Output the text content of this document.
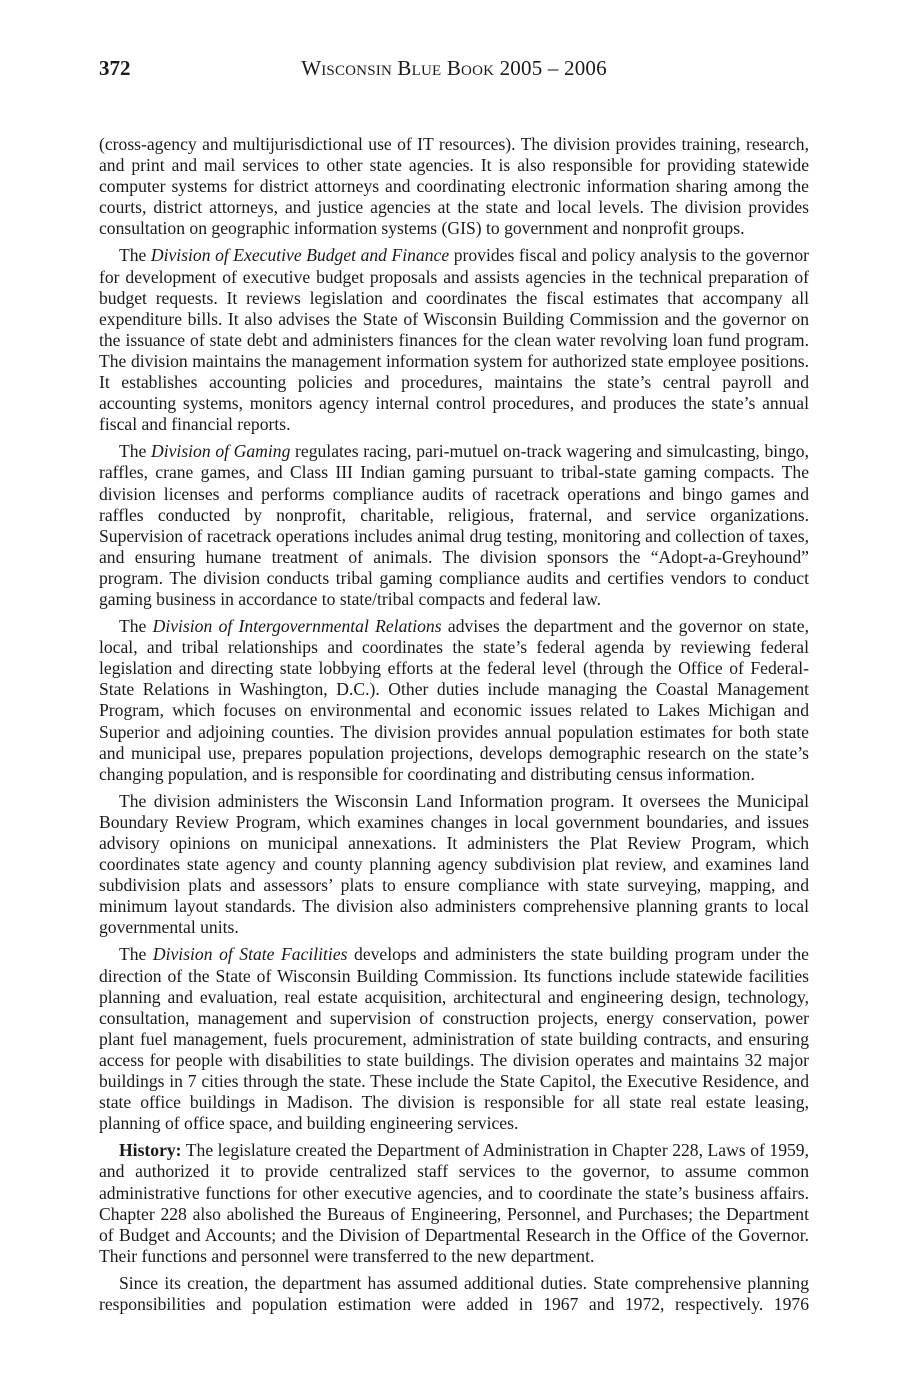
372	Wisconsin Blue Book 2005 – 2006

(cross-agency and multijurisdictional use of IT resources). The division provides training, research, and print and mail services to other state agencies. It is also responsible for providing statewide computer systems for district attorneys and coordinating electronic information sharing among the courts, district attorneys, and justice agencies at the state and local levels. The division provides consultation on geographic information systems (GIS) to government and nonprofit groups.

The Division of Executive Budget and Finance provides fiscal and policy analysis to the governor for development of executive budget proposals and assists agencies in the technical preparation of budget requests. It reviews legislation and coordinates the fiscal estimates that accompany all expenditure bills. It also advises the State of Wisconsin Building Commission and the governor on the issuance of state debt and administers finances for the clean water revolving loan fund program. The division maintains the management information system for authorized state employee positions. It establishes accounting policies and procedures, maintains the state’s central payroll and accounting systems, monitors agency internal control procedures, and produces the state’s annual fiscal and financial reports.

The Division of Gaming regulates racing, pari-mutuel on-track wagering and simulcasting, bingo, raffles, crane games, and Class III Indian gaming pursuant to tribal-state gaming compacts. The division licenses and performs compliance audits of racetrack operations and bingo games and raffles conducted by nonprofit, charitable, religious, fraternal, and service organizations. Supervision of racetrack operations includes animal drug testing, monitoring and collection of taxes, and ensuring humane treatment of animals. The division sponsors the “Adopt-a-Greyhound” program. The division conducts tribal gaming compliance audits and certifies vendors to conduct gaming business in accordance to state/tribal compacts and federal law.

The Division of Intergovernmental Relations advises the department and the governor on state, local, and tribal relationships and coordinates the state’s federal agenda by reviewing federal legislation and directing state lobbying efforts at the federal level (through the Office of Federal-State Relations in Washington, D.C.). Other duties include managing the Coastal Management Program, which focuses on environmental and economic issues related to Lakes Michigan and Superior and adjoining counties. The division provides annual population estimates for both state and municipal use, prepares population projections, develops demographic research on the state’s changing population, and is responsible for coordinating and distributing census information.

The division administers the Wisconsin Land Information program. It oversees the Municipal Boundary Review Program, which examines changes in local government boundaries, and issues advisory opinions on municipal annexations. It administers the Plat Review Program, which coordinates state agency and county planning agency subdivision plat review, and examines land subdivision plats and assessors’ plats to ensure compliance with state surveying, mapping, and minimum layout standards. The division also administers comprehensive planning grants to local governmental units.

The Division of State Facilities develops and administers the state building program under the direction of the State of Wisconsin Building Commission. Its functions include statewide facilities planning and evaluation, real estate acquisition, architectural and engineering design, technology, consultation, management and supervision of construction projects, energy conservation, power plant fuel management, fuels procurement, administration of state building contracts, and ensuring access for people with disabilities to state buildings. The division operates and maintains 32 major buildings in 7 cities through the state. These include the State Capitol, the Executive Residence, and state office buildings in Madison. The division is responsible for all state real estate leasing, planning of office space, and building engineering services.

History: The legislature created the Department of Administration in Chapter 228, Laws of 1959, and authorized it to provide centralized staff services to the governor, to assume common administrative functions for other executive agencies, and to coordinate the state’s business affairs. Chapter 228 also abolished the Bureaus of Engineering, Personnel, and Purchases; the Department of Budget and Accounts; and the Division of Departmental Research in the Office of the Governor. Their functions and personnel were transferred to the new department.

Since its creation, the department has assumed additional duties. State comprehensive planning responsibilities and population estimation were added in 1967 and 1972, respectively. 1976
